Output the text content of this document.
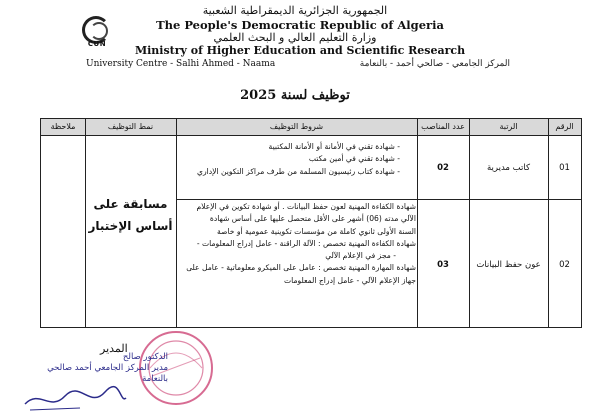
CUN
الجمهورية الجزائرية الديمقراطية الشعبية
The People's Democratic Republic of Algeria
وزارة التعليم العالي و البحث العلمي
Ministry of Higher Education and Scientific Research
University Centre - Salhi Ahmed - Naama	المركز الجامعي - صالحي أحمد - بالنعامة
توظيف لسنة 2025
الرقم
الرتبة
عدد المناصب
شروط التوظيف
نمط التوظيف
ملاحظة
01
كاتب مديرية
02
- شهادة تقني في الأمانة أو الأمانة المكتبية
- شهادة تقني في أمين مكتب
- شهادة كتاب رئيسيون المسلمة من طرف مراكز التكوين الإداري
مسابقة على أساس الإختبار
02
عون حفظ البيانات
03
شهادة الكفاءة المهنية لعون حفظ البيانات . أو شهادة تكوين في الإعلام
الآلي مدته (06) أشهر على الأقل متحصل عليها على أساس شهادة
السنة الأولى ثانوي كاملة من مؤسسات تكوينية عمومية أو خاصة
شهادة الكفاءة المهنية تخصص : الآلة الراقنة - عامل إدراج المعلومات -
- مجز في الإعلام الآلي
شهادة المهارة المهنية تخصص : عامل على الميكرو معلوماتية - عامل على
جهاز الإعلام الآلي - عامل إدراج المعلومات
المدير
الدكتور صالح
مدير المركز الجامعي أحمد صالحي
بالنعامة
